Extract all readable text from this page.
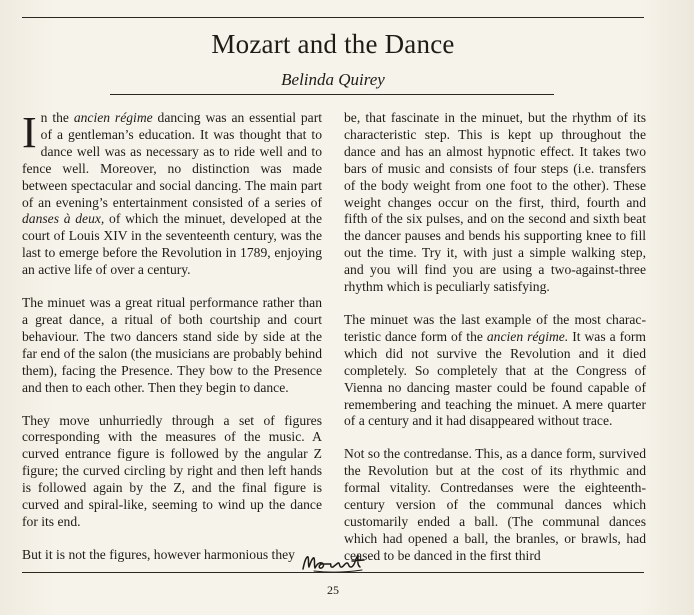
Mozart and the Dance
Belinda Quirey

In the ancien régime dancing was an essential part of a gentleman’s education. It was thought that to dance well was as necessary as to ride well and to fence well. Moreover, no distinction was made between spectacular and social dancing. The main part of an evening’s entertainment consisted of a series of danses à deux, of which the minuet, developed at the court of Louis XIV in the seventeenth century, was the last to emerge before the Revolution in 1789, enjoying an active life of over a century.

The minuet was a great ritual performance rather than a great dance, a ritual of both courtship and court behaviour. The two dancers stand side by side at the far end of the salon (the musicians are probably behind them), facing the Presence. They bow to the Presence and then to each other. Then they begin to dance.

They move unhurriedly through a set of figures corresponding with the measures of the music. A curved entrance figure is followed by the angular Z figure; the curved circling by right and then left hands is followed again by the Z, and the final figure is curved and spiral-like, seeming to wind up the dance for its end.

But it is not the figures, however harmonious they

be, that fascinate in the minuet, but the rhythm of its characteristic step. This is kept up throughout the dance and has an almost hypnotic effect. It takes two bars of music and consists of four steps (i.e. transfers of the body weight from one foot to the other). These weight changes occur on the first, third, fourth and fifth of the six pulses, and on the second and sixth beat the dancer pauses and bends his supporting knee to fill out the time. Try it, with just a simple walking step, and you will find you are using a two-against-three rhythm which is peculiarly satisfying.

The minuet was the last example of the most characteristic dance form of the ancien régime. It was a form which did not survive the Revolution and it died completely. So completely that at the Congress of Vienna no dancing master could be found capable of remembering and teaching the minuet. A mere quarter of a century and it had disappeared without trace.

Not so the contredanse. This, as a dance form, survived the Revolution but at the cost of its rhythmic and formal vitality. Contredanses were the eighteenth-century version of the communal dances which customarily ended a ball. (The communal dances which had opened a ball, the branles, or brawls, had ceased to be danced in the first third

25
